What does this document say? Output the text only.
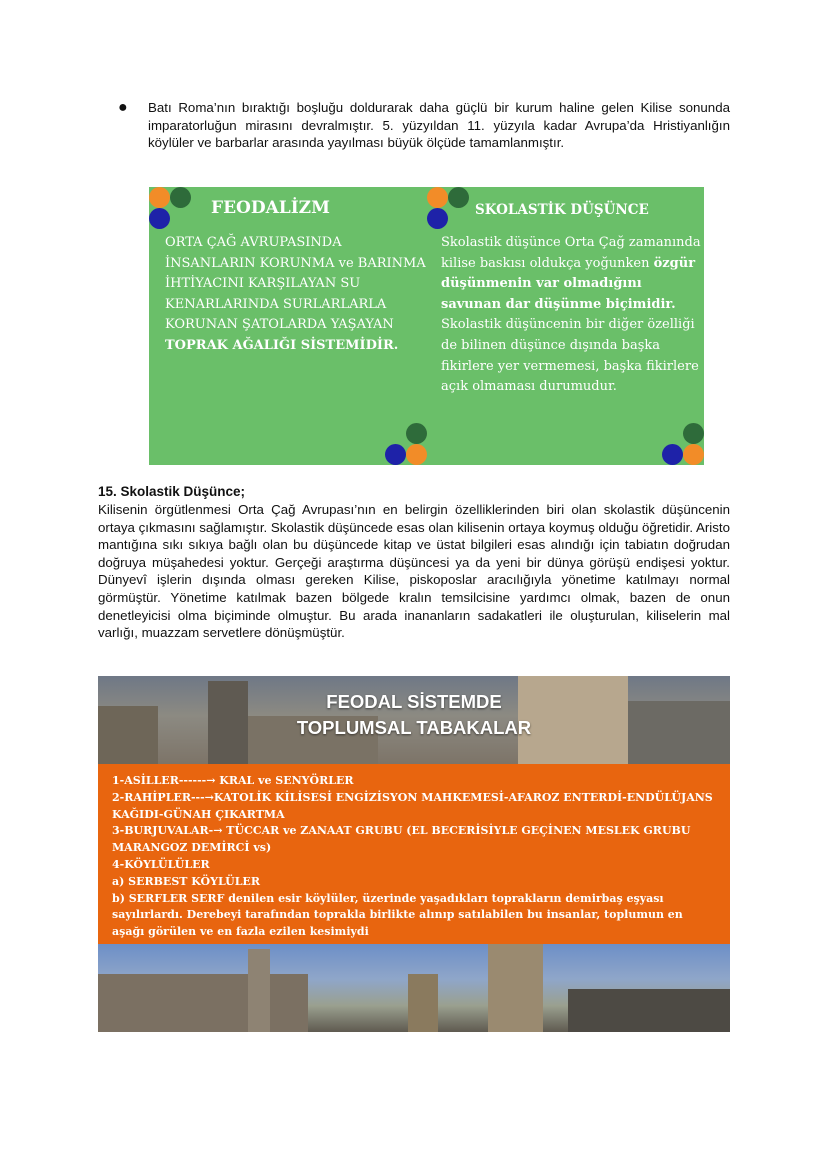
● Batı Roma’nın bıraktığı boşluğu doldurarak daha güçlü bir kurum haline gelen Kilise sonunda imparatorluğun mirasını devralmıştır. 5. yüzyıldan 11. yüzyıla kadar Avrupa’da Hristiyanlığın köylüler ve barbarlar arasında yayılması büyük ölçüde tamamlanmıştır.

FEODALİZM

ORTA ÇAĞ AVRUPASINDA İNSANLARIN KORUNMA ve BARINMA İHTİYACINI KARŞILAYAN SU KENARLARINDA SURLARLARLA KORUNAN ŞATOLARDA YAŞAYAN TOPRAK AĞALIĞI SİSTEMİDİR.

SKOLASTİK DÜŞÜNCE

Skolastik düşünce Orta Çağ zamanında kilise baskısı oldukça yoğunken özgür düşünmenin var olmadığını savunan dar düşünme biçimidir. Skolastik düşüncenin bir diğer özelliği de bilinen düşünce dışında başka fikirlere yer vermemesi, başka fikirlere açık olmaması durumudur.

15. Skolastik Düşünce;

Kilisenin örgütlenmesi Orta Çağ Avrupası’nın en belirgin özelliklerinden biri olan skolastik düşüncenin ortaya çıkmasını sağlamıştır. Skolastik düşüncede esas olan kilisenin ortaya koymuş olduğu öğretidir. Aristo mantığına sıkı sıkıya bağlı olan bu düşüncede kitap ve üstat bilgileri esas alındığı için tabiatın doğrudan doğruya müşahedesi yoktur. Gerçeği araştırma düşüncesi ya da yeni bir dünya görüşü endişesi yoktur. Dünyevî işlerin dışında olması gereken Kilise, piskoposlar aracılığıyla yönetime katılmayı normal görmüştür. Yönetime katılmak bazen bölgede kralın temsilcisine yardımcı olmak, bazen de onun denetleyicisi olma biçiminde olmuştur. Bu arada inananların sadakatleri ile oluşturulan, kiliselerin mal varlığı, muazzam servetlere dönüşmüştür.

FEODAL SİSTEMDE
TOPLUMSAL TABAKALAR
1-ASİLLER------→ KRAL ve SENYÖRLER
2-RAHİPLER---→KATOLİK KİLİSESİ ENGİZİSYON MAHKEMESİ-AFAROZ ENTERDİ-ENDÜLÜJANS KAĞIDI-GÜNAH ÇIKARTMA
3-BURJUVALAR-→ TÜCCAR ve ZANAAT GRUBU (EL BECERİSİYLE GEÇİNEN MESLEK GRUBU MARANGOZ DEMİRCİ vs)
4-KÖYLÜLÜLER
a) SERBEST KÖYLÜLER
b) SERFLER SERF denilen esir köylüler, üzerinde yaşadıkları toprakların demirbaş eşyası sayılırlardı. Derebeyi tarafından toprakla birlikte alınıp satılabilen bu insanlar, toplumun en aşağı görülen ve en fazla ezilen kesimiydi
